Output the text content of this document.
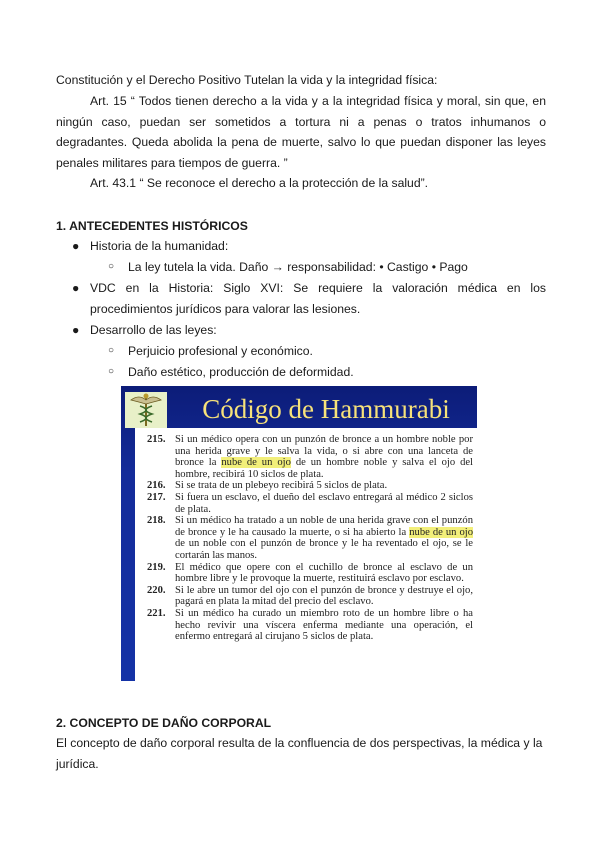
Constitución y el Derecho Positivo Tutelan la vida y la integridad física:

Art. 15 “ Todos tienen derecho a la vida y a la integridad física y moral, sin que, en ningún caso, puedan ser sometidos a tortura ni a penas o tratos inhumanos o degradantes. Queda abolida la pena de muerte, salvo lo que puedan disponer las leyes penales militares para tiempos de guerra. ”

Art. 43.1 “ Se reconoce el derecho a la protección de la salud”.

1. ANTECEDENTES HISTÓRICOS
● Historia de la humanidad:
○ La ley tutela la vida. Daño → responsabilidad: • Castigo • Pago
● VDC en la Historia: Siglo XVI: Se requiere la valoración médica en los procedimientos jurídicos para valorar las lesiones.

● Desarrollo de las leyes:
○ Perjuicio profesional y económico.
○ Daño estético, producción de deformidad.
Código de Hammurabi
215. Si un médico opera con un punzón de bronce a un hombre noble por una herida grave y le salva la vida, o si abre con una lanceta de bronce la nube de un ojo de un hombre noble y salva el ojo del hombre, recibirá 10 siclos de plata.
216. Si se trata de un plebeyo recibirá 5 siclos de plata.
217. Si fuera un esclavo, el dueño del esclavo entregará al médico 2 siclos de plata.
218. Si un médico ha tratado a un noble de una herida grave con el punzón de bronce y le ha causado la muerte, o si ha abierto la nube de un ojo de un noble con el punzón de bronce y le ha reventado el ojo, se le cortarán las manos.
219. El médico que opere con el cuchillo de bronce al esclavo de un hombre libre y le provoque la muerte, restituirá esclavo por esclavo.
220. Si le abre un tumor del ojo con el punzón de bronce y destruye el ojo, pagará en plata la mitad del precio del esclavo.
221. Si un médico ha curado un miembro roto de un hombre libre o ha hecho revivir una víscera enferma mediante una operación, el enfermo entregará al cirujano 5 siclos de plata.
2. CONCEPTO DE DAÑO CORPORAL

El concepto de daño corporal resulta de la confluencia de dos perspectivas, la médica y la jurídica.
